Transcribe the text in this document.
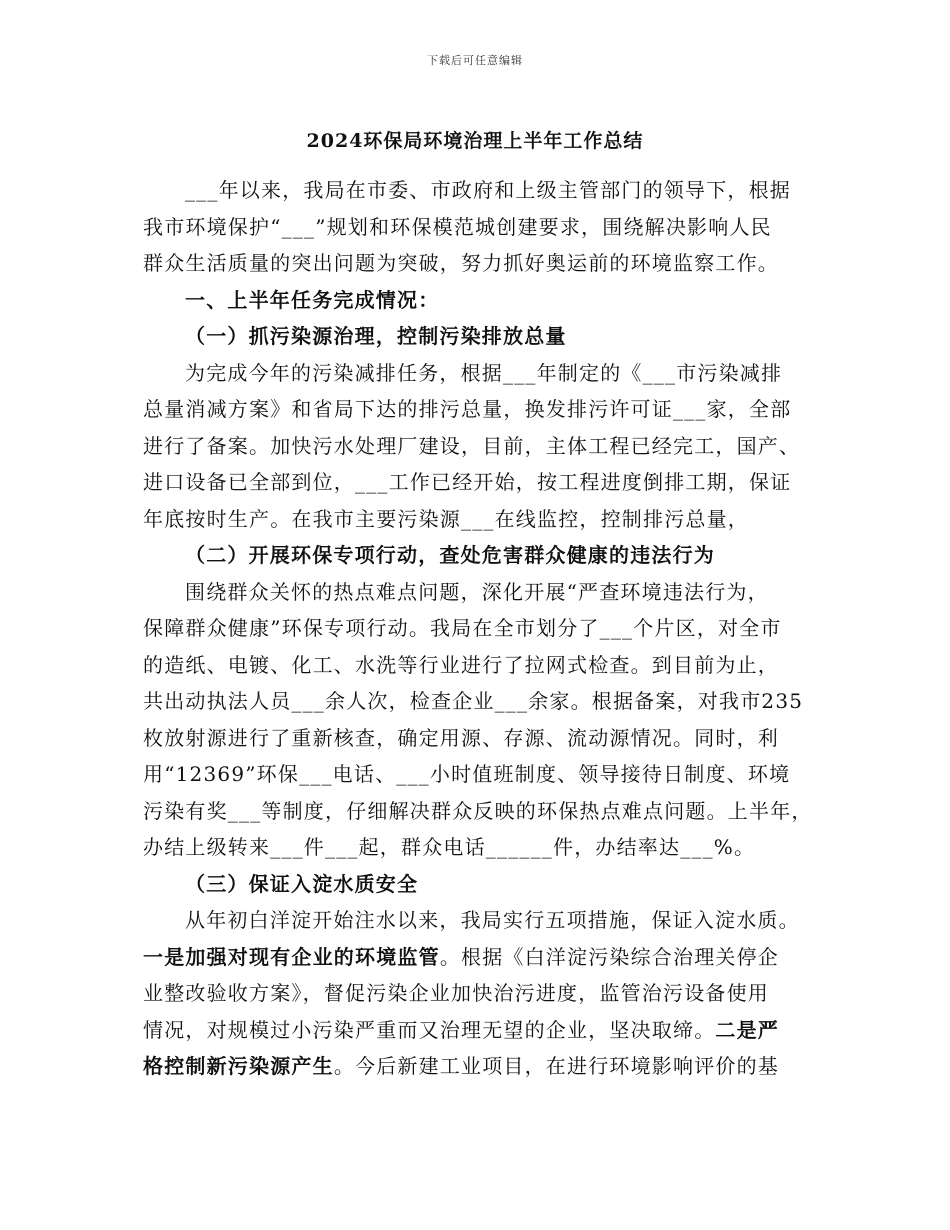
下载后可任意编辑
2024环保局环境治理上半年工作总结
___年以来，我局在市委、市政府和上级主管部门的领导下，根据
我市环境保护“___”规划和环保模范城创建要求，围绕解决影响人民
群众生活质量的突出问题为突破，努力抓好奥运前的环境监察工作。
一、上半年任务完成情况：
（一）抓污染源治理，控制污染排放总量
为完成今年的污染减排任务，根据___年制定的《___市污染减排
总量消减方案》和省局下达的排污总量，换发排污许可证___家，全部
进行了备案。加快污水处理厂建设，目前，主体工程已经完工，国产、
进口设备已全部到位，___工作已经开始，按工程进度倒排工期，保证
年底按时生产。在我市主要污染源___在线监控，控制排污总量，
（二）开展环保专项行动，查处危害群众健康的违法行为
围绕群众关怀的热点难点问题，深化开展“严查环境违法行为，
保障群众健康”环保专项行动。我局在全市划分了___个片区，对全市
的造纸、电镀、化工、水洗等行业进行了拉网式检查。到目前为止，
共出动执法人员___余人次，检查企业___余家。根据备案，对我市235
枚放射源进行了重新核查，确定用源、存源、流动源情况。同时，利
用“12369”环保___电话、___小时值班制度、领导接待日制度、环境
污染有奖___等制度，仔细解决群众反映的环保热点难点问题。上半年，
办结上级转来___件___起，群众电话______件，办结率达___%。
（三）保证入淀水质安全
从年初白洋淀开始注水以来，我局实行五项措施，保证入淀水质。
一是加强对现有企业的环境监管。根据《白洋淀污染综合治理关停企
业整改验收方案》，督促污染企业加快治污进度，监管治污设备使用
情况，对规模过小污染严重而又治理无望的企业，坚决取缔。二是严
格控制新污染源产生。今后新建工业项目，在进行环境影响评价的基
